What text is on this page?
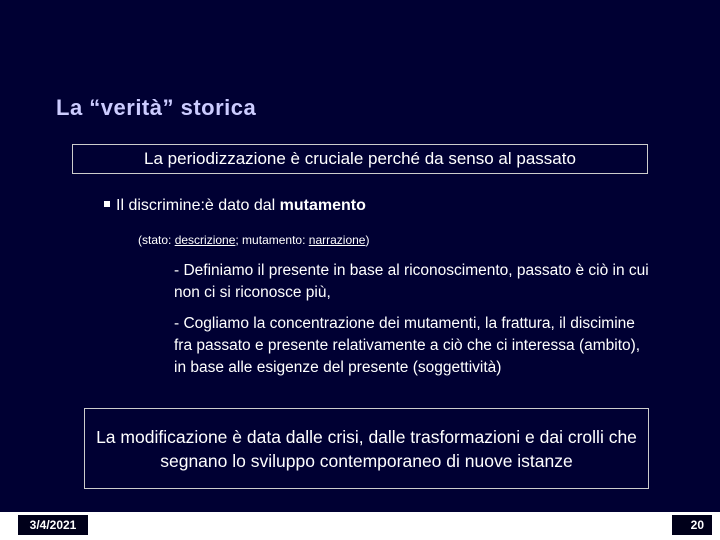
La “verità” storica
La periodizzazione è cruciale perché da senso al passato
Il discrimine:è dato dal mutamento
(stato: descrizione; mutamento: narrazione)
- Definiamo il presente in base al riconoscimento, passato è ciò in cui non ci si riconosce più,
- Cogliamo la concentrazione dei mutamenti, la frattura, il discimine fra passato e presente relativamente a ciò che ci interessa (ambito), in base alle esigenze del presente (soggettività)
La modificazione è data dalle crisi, dalle trasformazioni e dai crolli che segnano lo sviluppo contemporaneo di nuove istanze
3/4/2021	20
